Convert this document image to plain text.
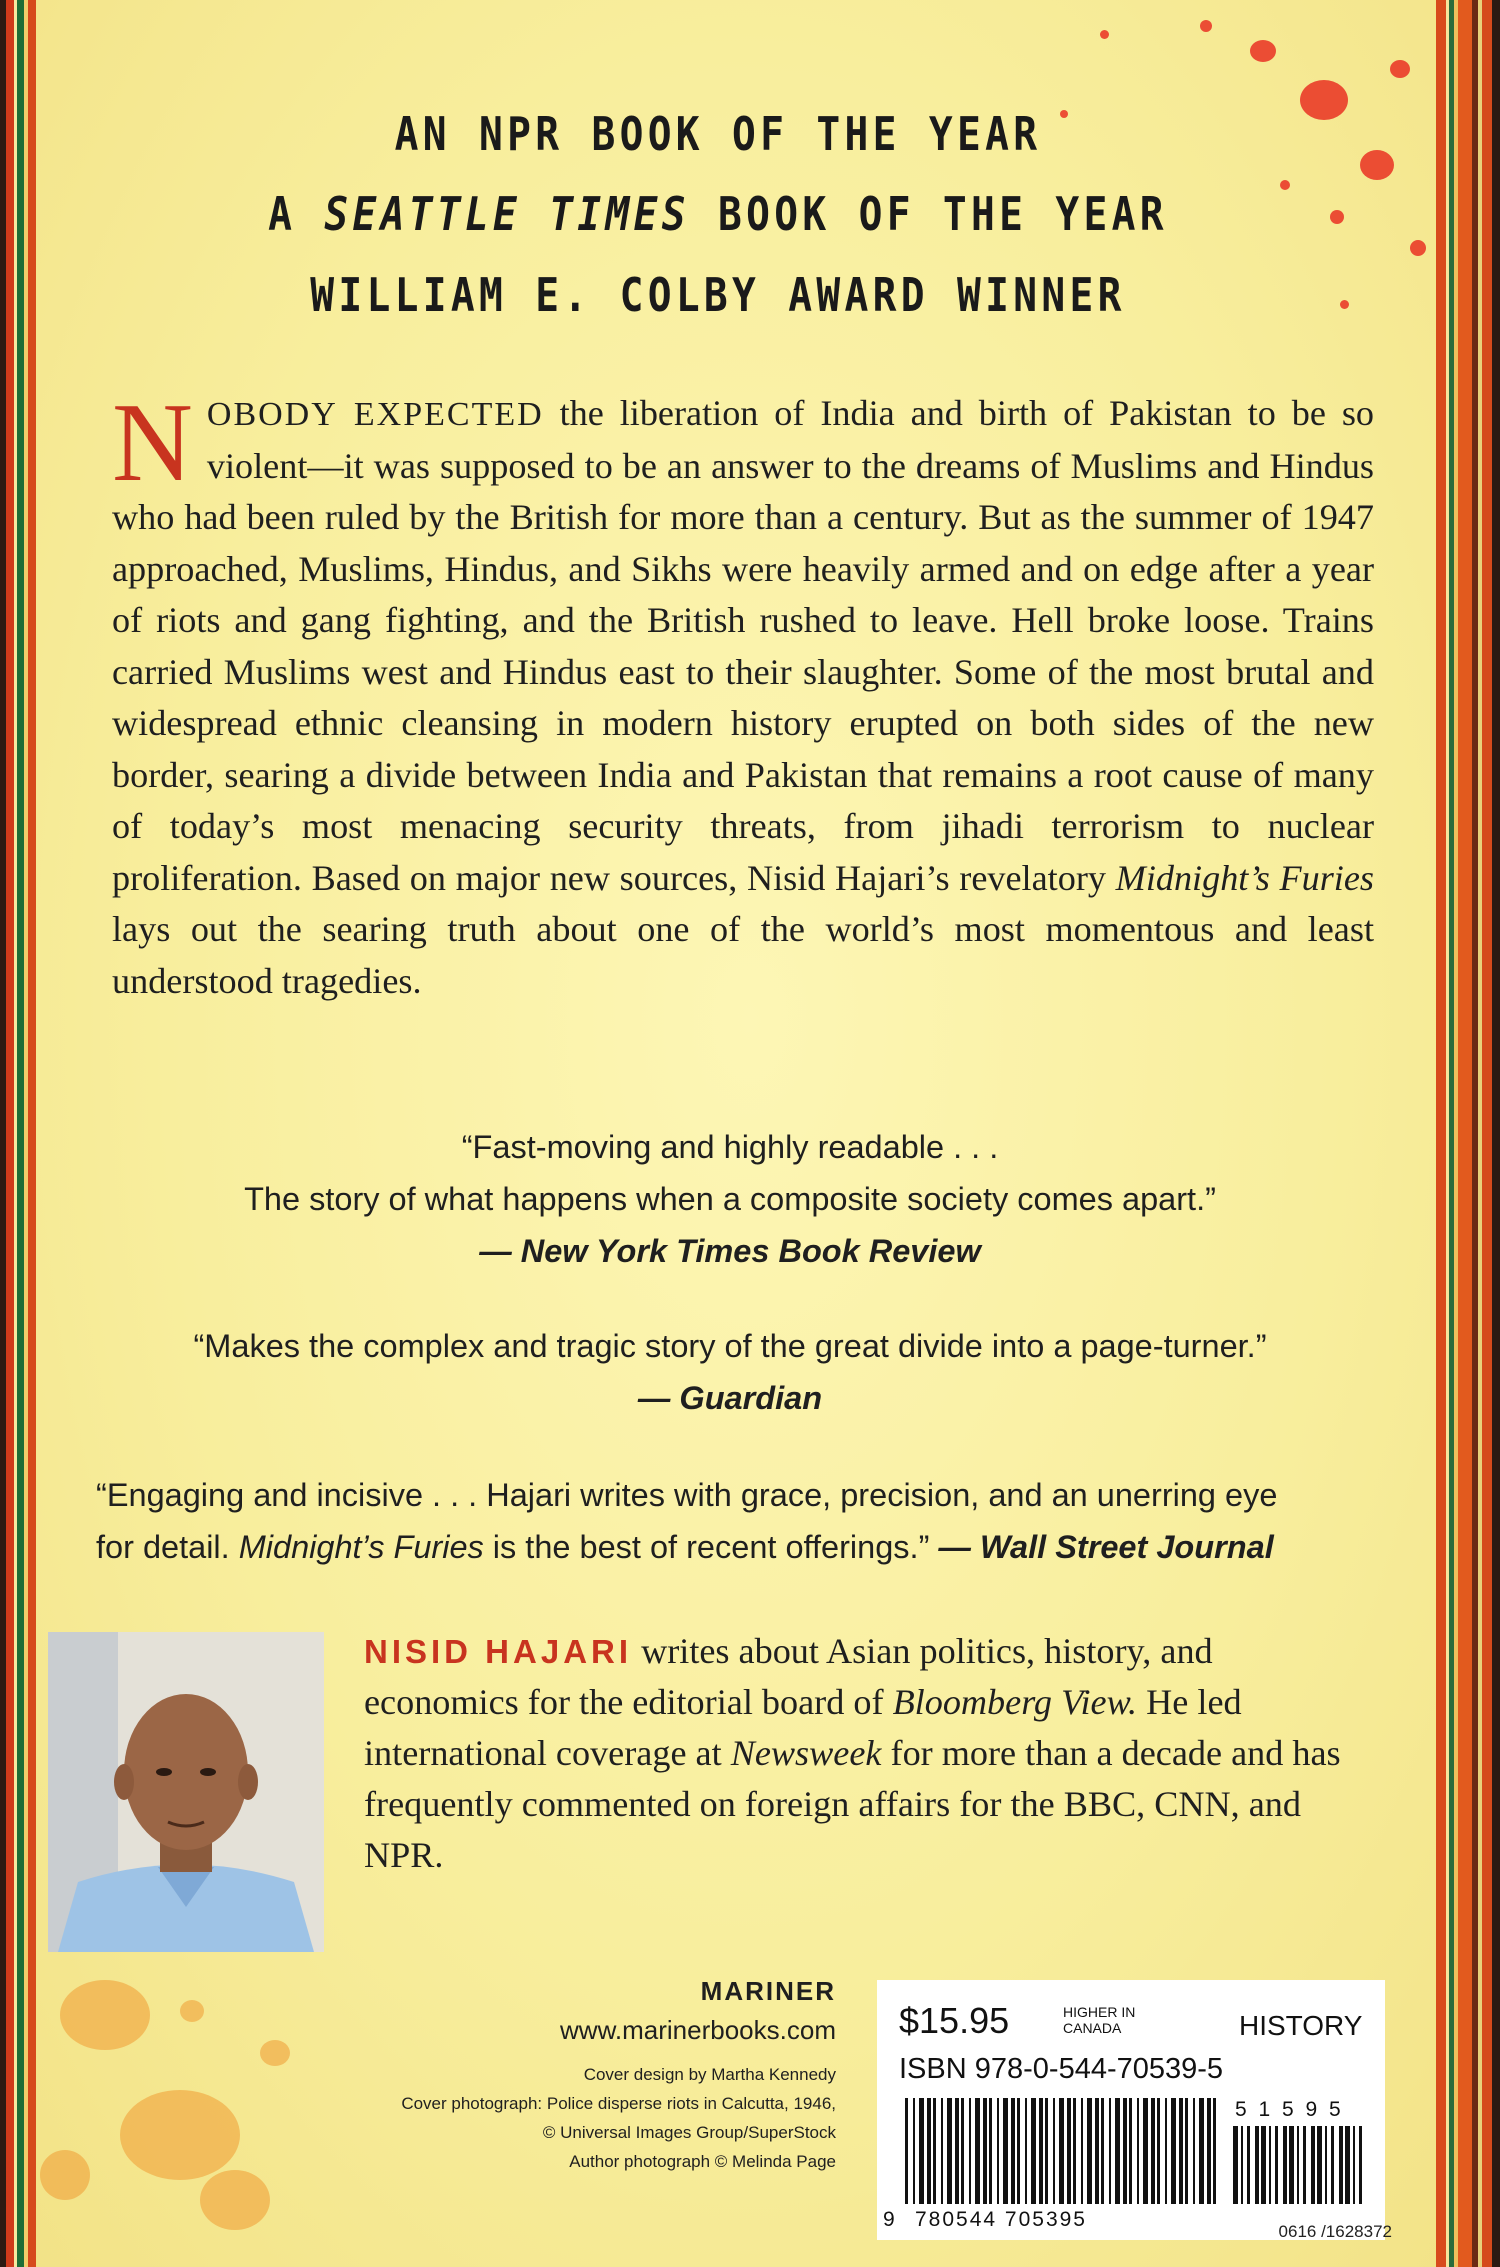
AN NPR BOOK OF THE YEAR
A SEATTLE TIMES BOOK OF THE YEAR
WILLIAM E. COLBY AWARD WINNER
NOBODY EXPECTED the liberation of India and birth of Pakistan to be so violent—it was supposed to be an answer to the dreams of Muslims and Hindus who had been ruled by the British for more than a century. But as the summer of 1947 approached, Muslims, Hindus, and Sikhs were heavily armed and on edge after a year of riots and gang fighting, and the British rushed to leave. Hell broke loose. Trains carried Muslims west and Hindus east to their slaughter. Some of the most brutal and widespread ethnic cleansing in modern history erupted on both sides of the new border, searing a divide between India and Pakistan that remains a root cause of many of today’s most menacing security threats, from jihadi terrorism to nuclear proliferation. Based on major new sources, Nisid Hajari’s revelatory Midnight’s Furies lays out the searing truth about one of the world’s most momentous and least understood tragedies.
“Fast-moving and highly readable . . .
The story of what happens when a composite society comes apart.”
— New York Times Book Review
“Makes the complex and tragic story of the great divide into a page-turner.”
— Guardian
“Engaging and incisive . . . Hajari writes with grace, precision, and an unerring eye
for detail. Midnight’s Furies is the best of recent offerings.” — Wall Street Journal
NISID HAJARI writes about Asian politics, history, and economics for the editorial board of Bloomberg View. He led international coverage at Newsweek for more than a decade and has frequently commented on foreign affairs for the BBC, CNN, and NPR.
MARINER
www.marinerbooks.com
Cover design by Martha Kennedy
Cover photograph: Police disperse riots in Calcutta, 1946,
© Universal Images Group/SuperStock
Author photograph © Melinda Page
$15.95	HIGHER IN
CANADA	HISTORY
ISBN 978-0-544-70539-5
5 1 5 9 5
9 780544 705395
0616 /1628372
